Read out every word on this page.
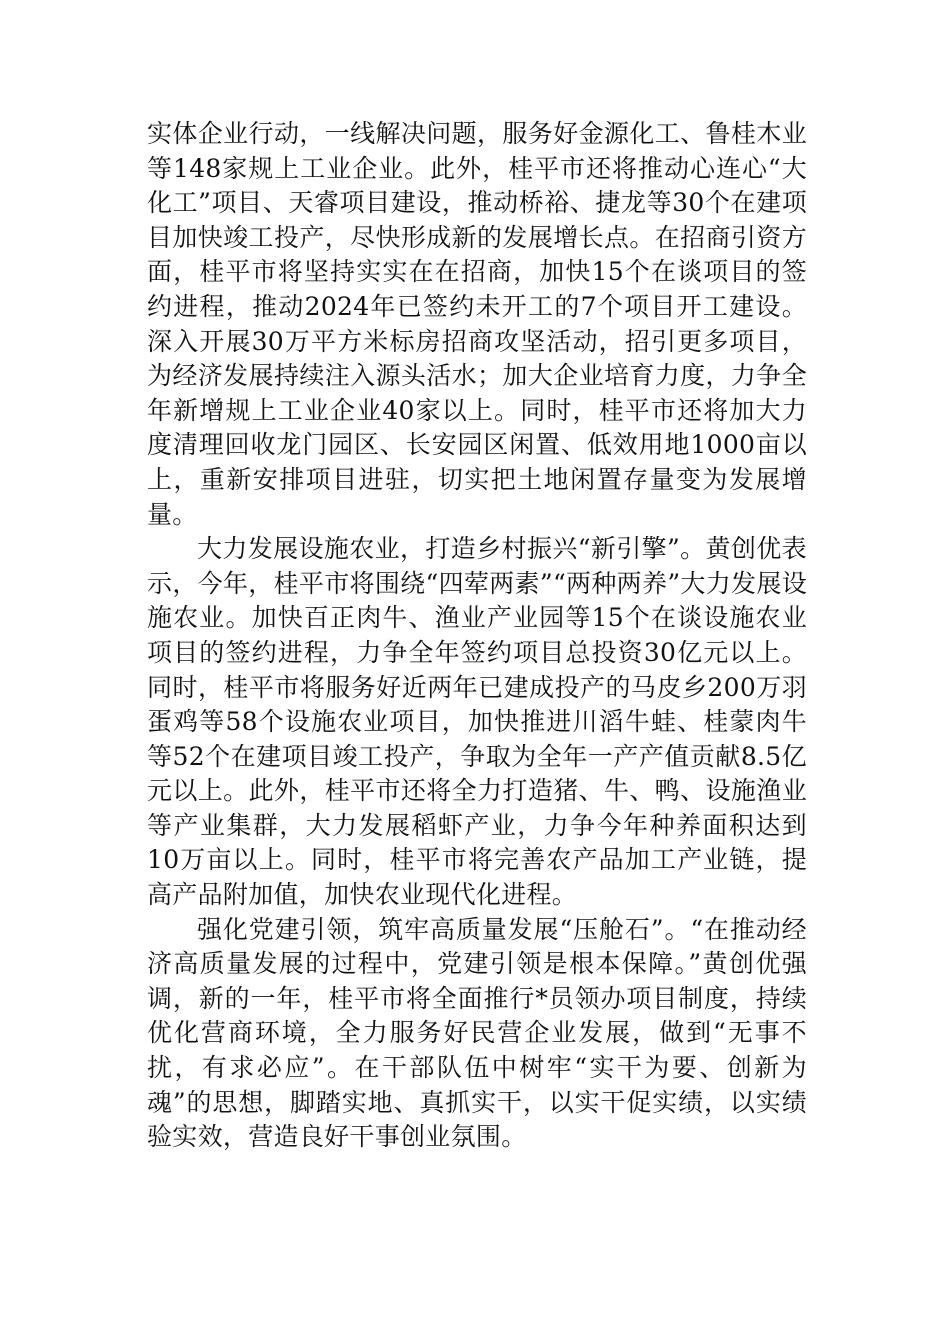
实体企业行动，一线解决问题，服务好金源化工、鲁桂木业等148家规上工业企业。此外，桂平市还将推动心连心“大化工”项目、天睿项目建设，推动桥裕、捷龙等30个在建项目加快竣工投产，尽快形成新的发展增长点。在招商引资方面，桂平市将坚持实实在在招商，加快15个在谈项目的签约进程，推动2024年已签约未开工的7个项目开工建设。深入开展30万平方米标房招商攻坚活动，招引更多项目，为经济发展持续注入源头活水；加大企业培育力度，力争全年新增规上工业企业40家以上。同时，桂平市还将加大力度清理回收龙门园区、长安园区闲置、低效用地1000亩以上，重新安排项目进驻，切实把土地闲置存量变为发展增量。

大力发展设施农业，打造乡村振兴“新引擎”。黄创优表示，今年，桂平市将围绕“四荤两素”“两种两养”大力发展设施农业。加快百正肉牛、渔业产业园等15个在谈设施农业项目的签约进程，力争全年签约项目总投资30亿元以上。同时，桂平市将服务好近两年已建成投产的马皮乡200万羽蛋鸡等58个设施农业项目，加快推进川滔牛蛙、桂蒙肉牛等52个在建项目竣工投产，争取为全年一产产值贡献8.5亿元以上。此外，桂平市还将全力打造猪、牛、鸭、设施渔业等产业集群，大力发展稻虾产业，力争今年种养面积达到10万亩以上。同时，桂平市将完善农产品加工产业链，提高产品附加值，加快农业现代化进程。

强化党建引领，筑牢高质量发展“压舱石”。“在推动经济高质量发展的过程中，党建引领是根本保障。”黄创优强调，新的一年，桂平市将全面推行*员领办项目制度，持续优化营商环境，全力服务好民营企业发展，做到“无事不扰，有求必应”。在干部队伍中树牢“实干为要、创新为魂”的思想，脚踏实地、真抓实干，以实干促实绩，以实绩验实效，营造良好干事创业氛围。
